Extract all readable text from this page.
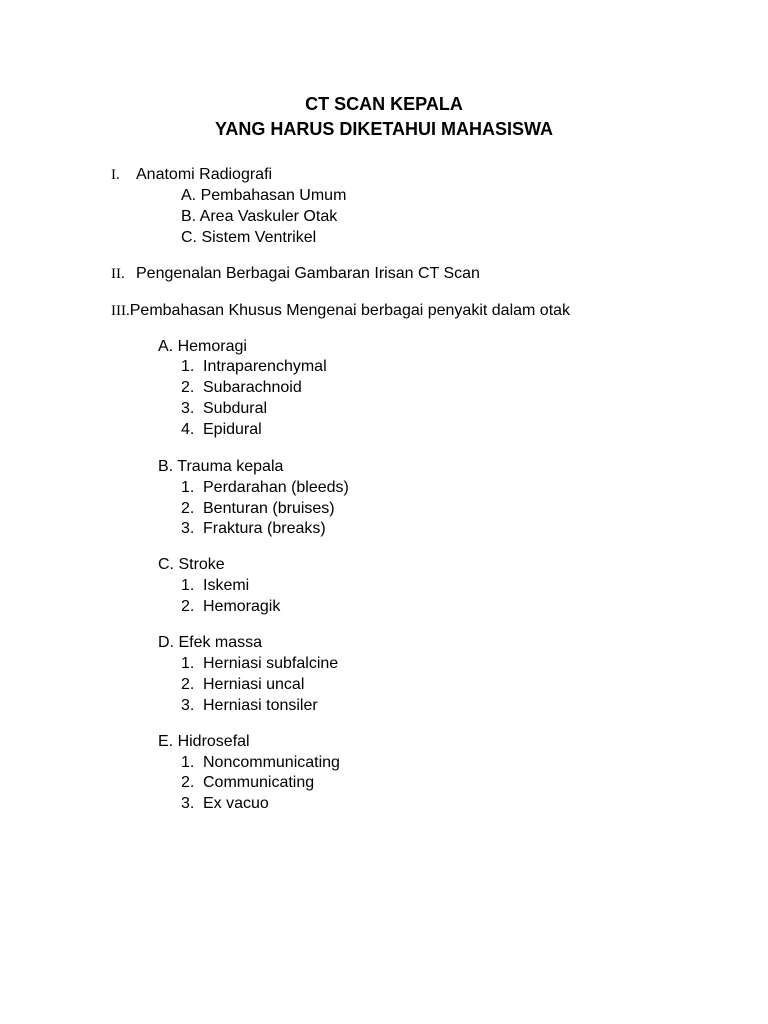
CT SCAN KEPALA
YANG HARUS DIKETAHUI MAHASISWA
I. Anatomi Radiografi
A. Pembahasan Umum
B. Area Vaskuler Otak
C. Sistem Ventrikel
II. Pengenalan Berbagai Gambaran Irisan CT Scan
III.Pembahasan Khusus Mengenai berbagai penyakit dalam otak
A. Hemoragi
1. Intraparenchymal
2. Subarachnoid
3. Subdural
4. Epidural
B. Trauma kepala
1. Perdarahan (bleeds)
2. Benturan (bruises)
3. Fraktura (breaks)
C. Stroke
1. Iskemi
2. Hemoragik
D. Efek massa
1. Herniasi subfalcine
2. Herniasi uncal
3. Herniasi tonsiler
E. Hidrosefal
1. Noncommunicating
2. Communicating
3. Ex vacuo
